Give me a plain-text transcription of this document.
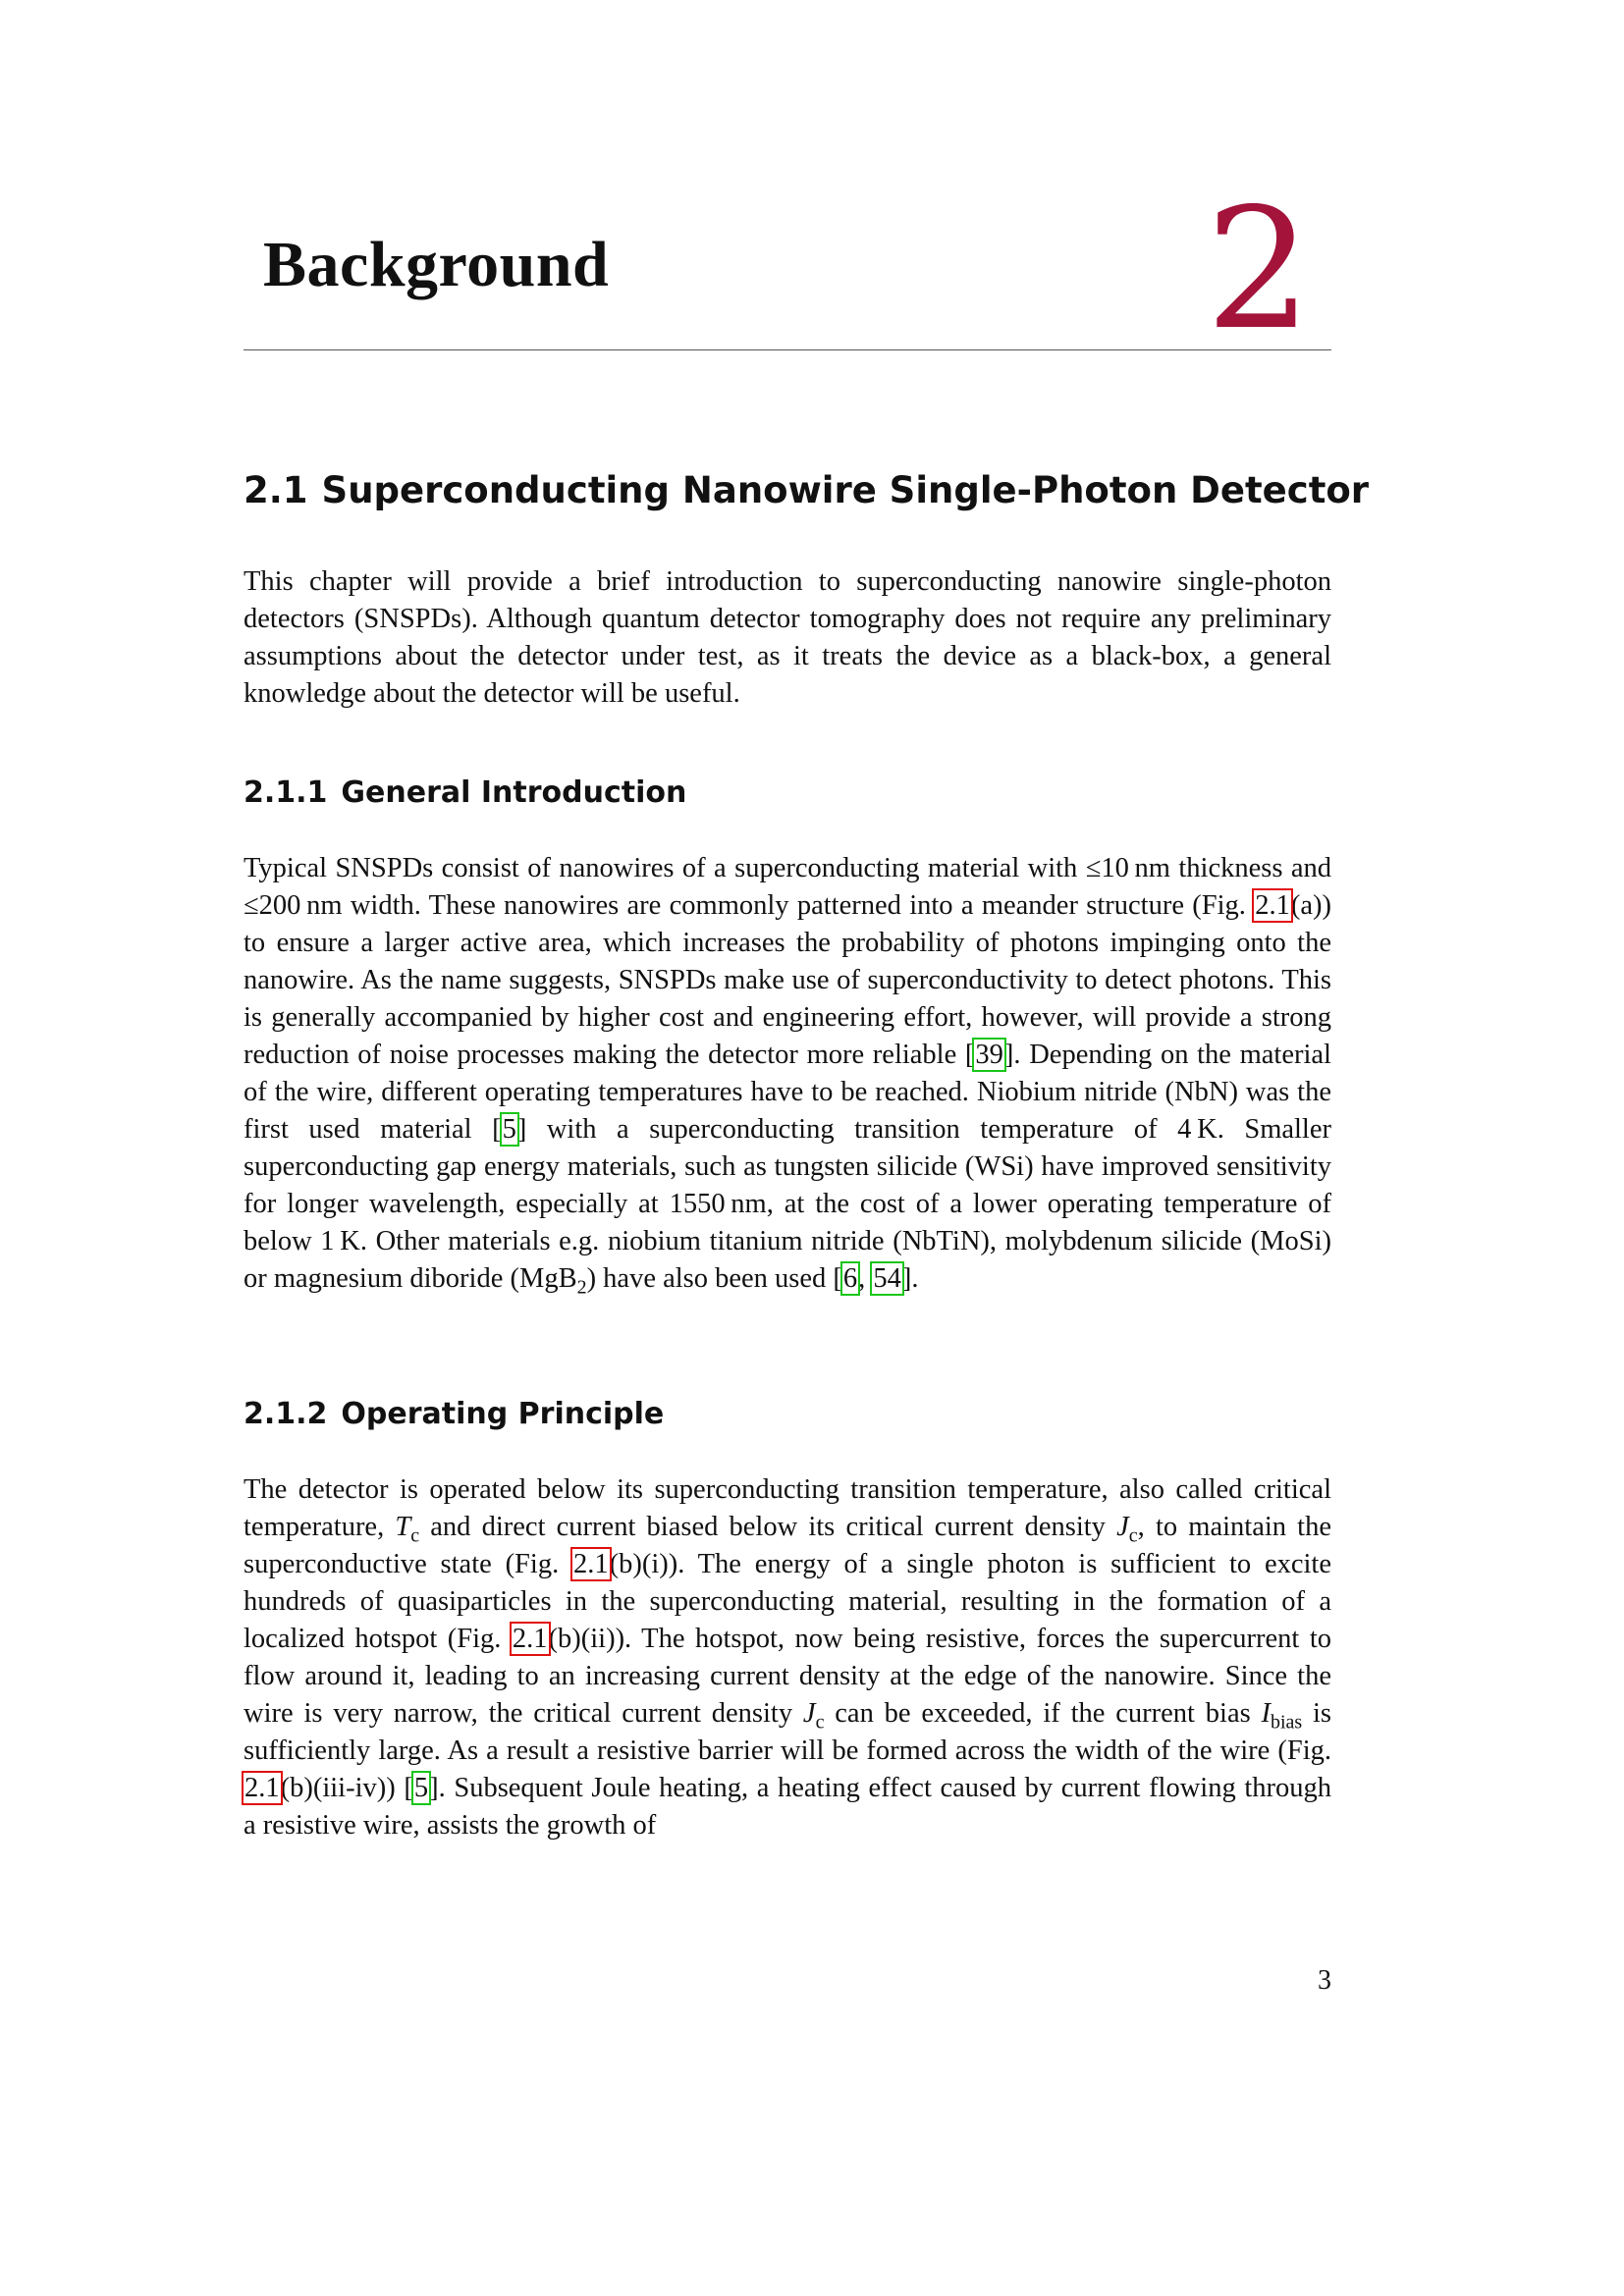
Background	2
2.1 Superconducting Nanowire Single-Photon Detector

This chapter will provide a brief introduction to superconducting nanowire single-photon detectors (SNSPDs). Although quantum detector tomography does not require any preliminary assumptions about the detector under test, as it treats the device as a black-box, a general knowledge about the detector will be useful.

2.1.1 General Introduction

Typical SNSPDs consist of nanowires of a superconducting material with ≤10 nm thickness and ≤200 nm width. These nanowires are commonly patterned into a meander structure (Fig. 2.1(a)) to ensure a larger active area, which increases the probability of photons impinging onto the nanowire. As the name suggests, SNSPDs make use of superconductivity to detect photons. This is generally accompanied by higher cost and engineering effort, however, will provide a strong reduction of noise processes making the detector more reliable [39]. Depending on the material of the wire, different operating temperatures have to be reached. Niobium nitride (NbN) was the first used material [5] with a superconducting transition temperature of 4 K. Smaller superconducting gap energy materials, such as tungsten silicide (WSi) have improved sensitivity for longer wavelength, especially at 1550 nm, at the cost of a lower operating temperature of below 1 K. Other materials e.g. niobium titanium nitride (NbTiN), molybdenum silicide (MoSi) or magnesium diboride (MgB$_2$) have also been used [6, 54].

2.1.2 Operating Principle

The detector is operated below its superconducting transition temperature, also called critical temperature, $T_c$ and direct current biased below its critical current density $J_c$, to maintain the superconductive state (Fig. 2.1(b)(i)). The energy of a single photon is sufficient to excite hundreds of quasiparticles in the superconducting material, resulting in the formation of a localized hotspot (Fig. 2.1(b)(ii)). The hotspot, now being resistive, forces the supercurrent to flow around it, leading to an increasing current density at the edge of the nanowire. Since the wire is very narrow, the critical current density $J_c$ can be exceeded, if the current bias $I_{bias}$ is sufficiently large. As a result a resistive barrier will be formed across the width of the wire (Fig. 2.1(b)(iii-iv)) [5]. Subsequent Joule heating, a heating effect caused by current flowing through a resistive wire, assists the growth of

3
